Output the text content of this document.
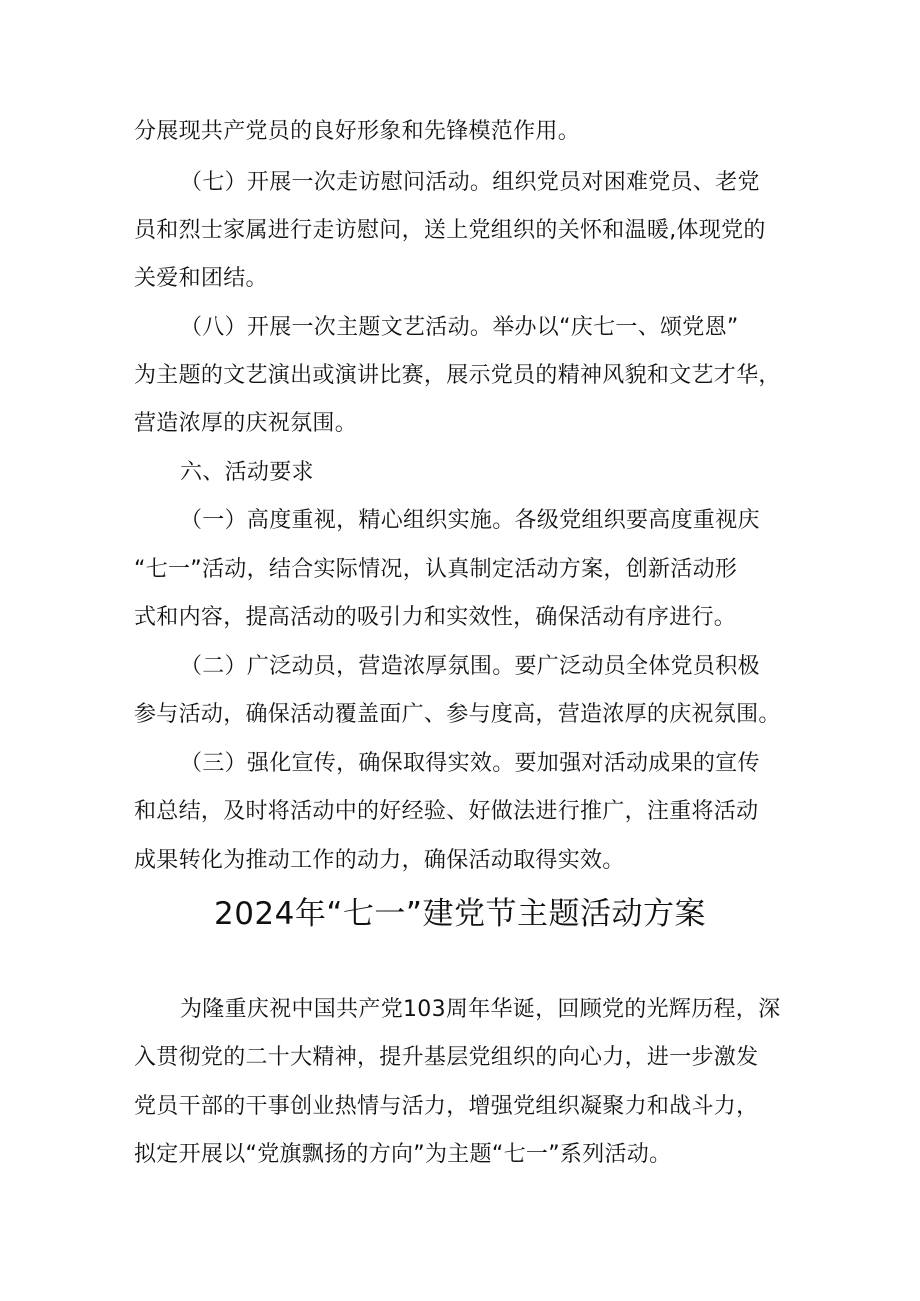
分展现共产党员的良好形象和先锋模范作用。
（七）开展一次走访慰问活动。组织党员对困难党员、老党
员和烈士家属进行走访慰问，送上党组织的关怀和温暖,体现党的
关爱和团结。
（八）开展一次主题文艺活动。举办以“庆七一、颂党恩”
为主题的文艺演出或演讲比赛，展示党员的精神风貌和文艺才华，
营造浓厚的庆祝氛围。
六、活动要求
（一）高度重视，精心组织实施。各级党组织要高度重视庆
“七一”活动，结合实际情况，认真制定活动方案，创新活动形
式和内容，提高活动的吸引力和实效性，确保活动有序进行。
（二）广泛动员，营造浓厚氛围。要广泛动员全体党员积极
参与活动，确保活动覆盖面广、参与度高，营造浓厚的庆祝氛围。
（三）强化宣传，确保取得实效。要加强对活动成果的宣传
和总结，及时将活动中的好经验、好做法进行推广，注重将活动
成果转化为推动工作的动力，确保活动取得实效。
2024年“七一”建党节主题活动方案
为隆重庆祝中国共产党103周年华诞，回顾党的光辉历程，深
入贯彻党的二十大精神，提升基层党组织的向心力，进一步激发
党员干部的干事创业热情与活力，增强党组织凝聚力和战斗力，
拟定开展以“党旗飘扬的方向”为主题“七一”系列活动。
